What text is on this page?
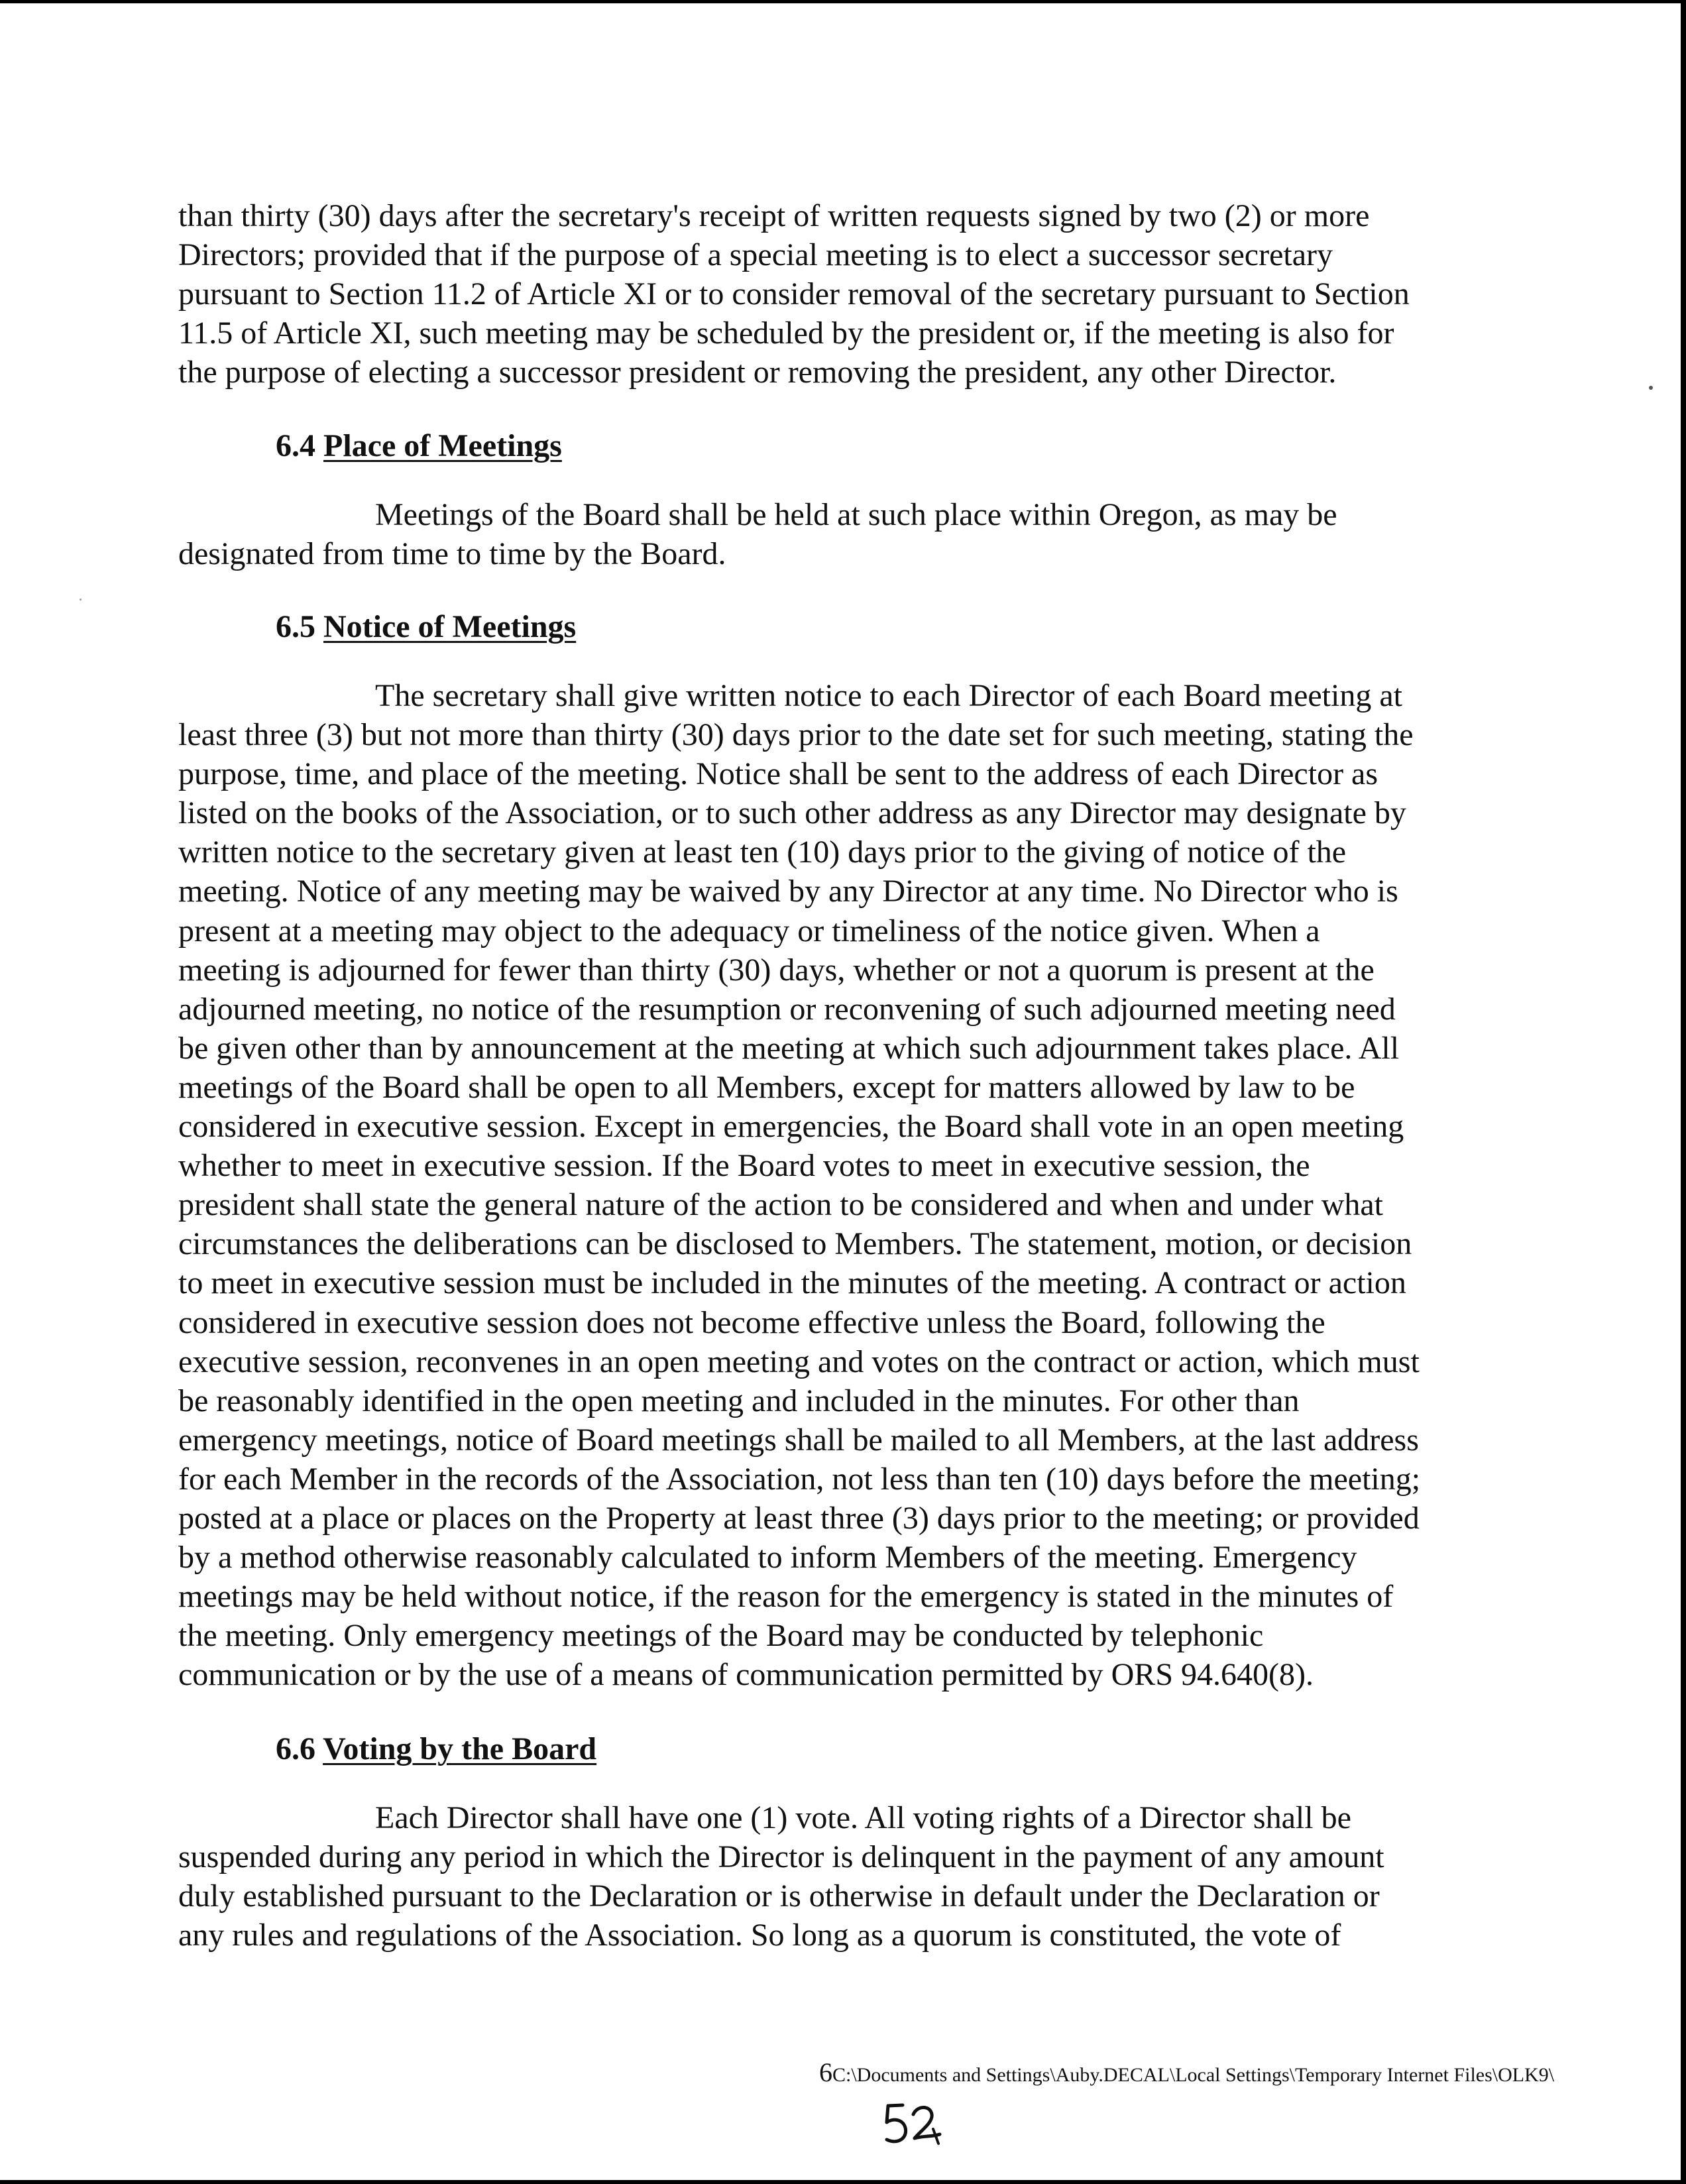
than thirty (30) days after the secretary's receipt of written requests signed by two (2) or more
Directors; provided that if the purpose of a special meeting is to elect a successor secretary
pursuant to Section 11.2 of Article XI or to consider removal of the secretary pursuant to Section
11.5 of Article XI, such meeting may be scheduled by the president or, if the meeting is also for
the purpose of electing a successor president or removing the president, any other Director.
6.4 Place of Meetings
Meetings of the Board shall be held at such place within Oregon, as may be
designated from time to time by the Board.
6.5 Notice of Meetings
The secretary shall give written notice to each Director of each Board meeting at
least three (3) but not more than thirty (30) days prior to the date set for such meeting, stating the
purpose, time, and place of the meeting. Notice shall be sent to the address of each Director as
listed on the books of the Association, or to such other address as any Director may designate by
written notice to the secretary given at least ten (10) days prior to the giving of notice of the
meeting. Notice of any meeting may be waived by any Director at any time. No Director who is
present at a meeting may object to the adequacy or timeliness of the notice given. When a
meeting is adjourned for fewer than thirty (30) days, whether or not a quorum is present at the
adjourned meeting, no notice of the resumption or reconvening of such adjourned meeting need
be given other than by announcement at the meeting at which such adjournment takes place. All
meetings of the Board shall be open to all Members, except for matters allowed by law to be
considered in executive session. Except in emergencies, the Board shall vote in an open meeting
whether to meet in executive session. If the Board votes to meet in executive session, the
president shall state the general nature of the action to be considered and when and under what
circumstances the deliberations can be disclosed to Members. The statement, motion, or decision
to meet in executive session must be included in the minutes of the meeting. A contract or action
considered in executive session does not become effective unless the Board, following the
executive session, reconvenes in an open meeting and votes on the contract or action, which must
be reasonably identified in the open meeting and included in the minutes. For other than
emergency meetings, notice of Board meetings shall be mailed to all Members, at the last address
for each Member in the records of the Association, not less than ten (10) days before the meeting;
posted at a place or places on the Property at least three (3) days prior to the meeting; or provided
by a method otherwise reasonably calculated to inform Members of the meeting. Emergency
meetings may be held without notice, if the reason for the emergency is stated in the minutes of
the meeting. Only emergency meetings of the Board may be conducted by telephonic
communication or by the use of a means of communication permitted by ORS 94.640(8).
6.6 Voting by the Board
Each Director shall have one (1) vote. All voting rights of a Director shall be
suspended during any period in which the Director is delinquent in the payment of any amount
duly established pursuant to the Declaration or is otherwise in default under the Declaration or
any rules and regulations of the Association. So long as a quorum is constituted, the vote of
6C:\Documents and Settings\Auby.DECAL\Local Settings\Temporary Internet Files\OLK9\
